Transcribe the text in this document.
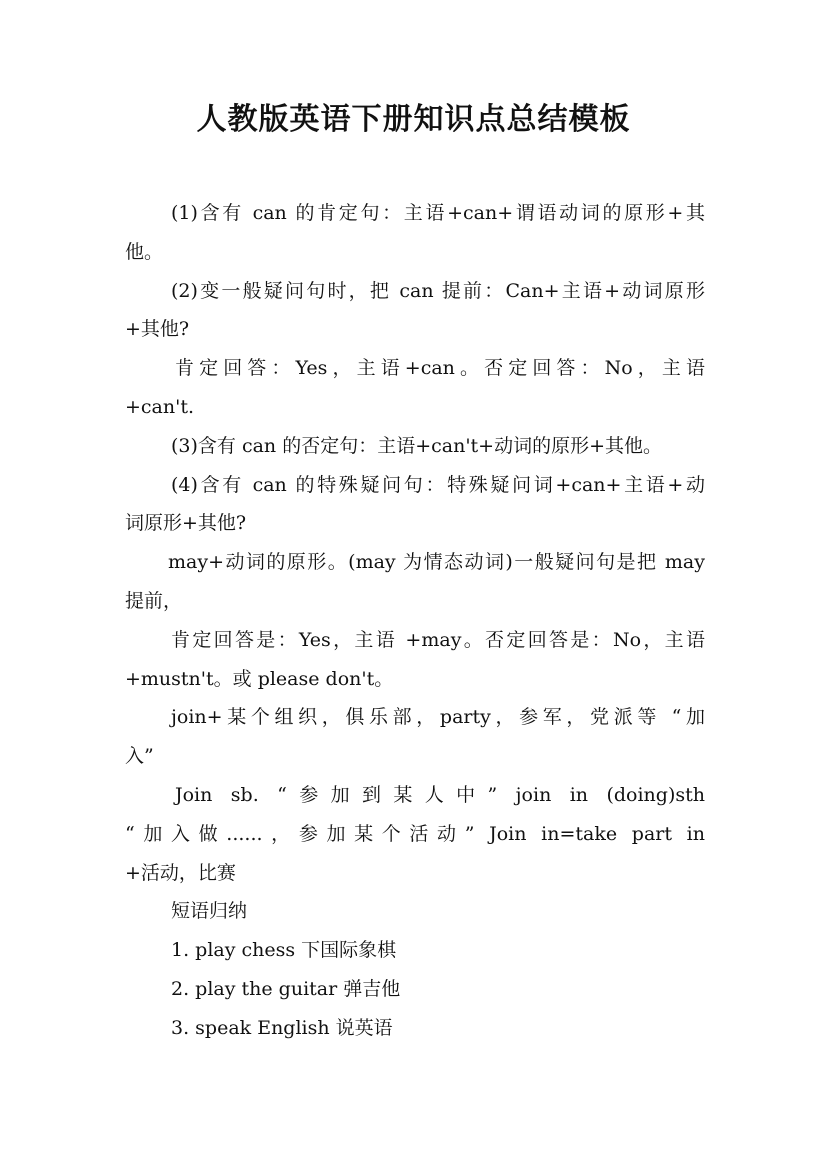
人教版英语下册知识点总结模板
(1)含有 can 的肯定句：主语+can+谓语动词的原形+其
他。
(2)变一般疑问句时，把 can 提前：Can+主语+动词原形
+其他?
肯定回答：Yes，主语+can。否定回答：No，主语
+can't.
(3)含有 can 的否定句：主语+can't+动词的原形+其他。
(4)含有 can 的特殊疑问句：特殊疑问词+can+主语+动
词原形+其他?
may+动词的原形。(may 为情态动词)一般疑问句是把 may
提前，
肯定回答是：Yes，主语 +may。否定回答是：No，主语
+mustn't。或 please don't。
join+某个组织，俱乐部，party，参军，党派等 “加
入”
Join sb. “参加到某人中” join in (doing)sth
“加入做......，参加某个活动” Join in=take part in
+活动，比赛
短语归纳
1. play chess 下国际象棋
2. play the guitar 弹吉他
3. speak English 说英语
